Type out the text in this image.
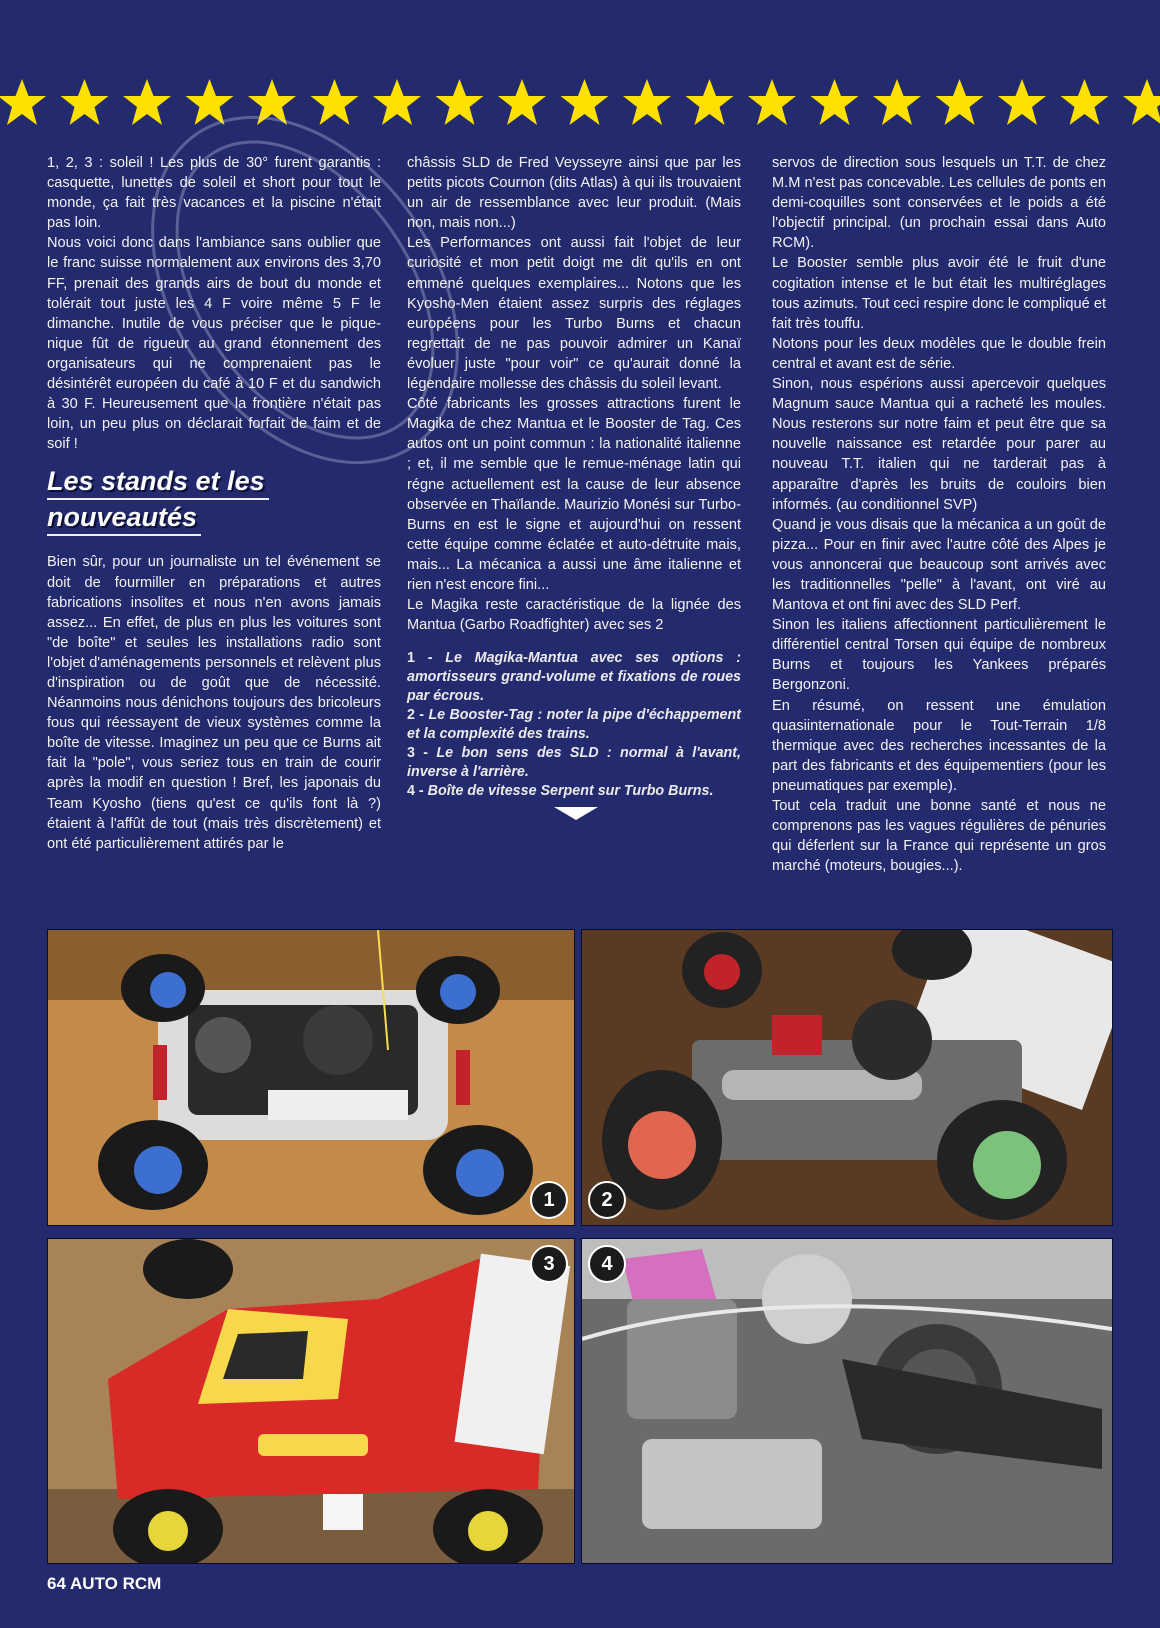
1, 2, 3 : soleil ! Les plus de 30° furent garantis : casquette, lunettes de soleil et short pour tout le monde, ça fait très vacances et la piscine n'était pas loin.

Nous voici donc dans l'ambiance sans oublier que le franc suisse normalement aux environs des 3,70 FF, prenait des grands airs de bout du monde et tolérait tout juste les 4 F voire même 5 F le dimanche. Inutile de vous préciser que le pique-nique fût de rigueur au grand étonnement des organisateurs qui ne comprenaient pas le désintérêt européen du café à 10 F et du sandwich à 30 F. Heureusement que la frontière n'était pas loin, un peu plus on déclarait forfait de faim et de soif !

Les stands et les
nouveautés

Bien sûr, pour un journaliste un tel événement se doit de fourmiller en préparations et autres fabrications insolites et nous n'en avons jamais assez... En effet, de plus en plus les voitures sont "de boîte" et seules les installations radio sont l'objet d'aménagements personnels et relèvent plus d'inspiration ou de goût que de nécessité. Néanmoins nous dénichons toujours des bricoleurs fous qui réessayent de vieux systèmes comme la boîte de vitesse. Imaginez un peu que ce Burns ait fait la "pole", vous seriez tous en train de courir après la modif en question ! Bref, les japonais du Team Kyosho (tiens qu'est ce qu'ils font là ?) étaient à l'affût de tout (mais très discrètement) et ont été particulièrement attirés par le

châssis SLD de Fred Veysseyre ainsi que par les petits picots Cournon (dits Atlas) à qui ils trouvaient un air de ressemblance avec leur produit. (Mais non, mais non...)

Les Performances ont aussi fait l'objet de leur curiosité et mon petit doigt me dit qu'ils en ont emmené quelques exemplaires... Notons que les Kyosho-Men étaient assez surpris des réglages européens pour les Turbo Burns et chacun regrettait de ne pas pouvoir admirer un Kanaï évoluer juste "pour voir" ce qu'aurait donné la légendaire mollesse des châssis du soleil levant.

Côté fabricants les grosses attractions furent le Magika de chez Mantua et le Booster de Tag. Ces autos ont un point commun : la nationalité italienne ; et, il me semble que le remue-ménage latin qui régne actuellement est la cause de leur absence observée en Thaïlande. Maurizio Monési sur Turbo-Burns en est le signe et aujourd'hui on ressent cette équipe comme éclatée et auto-détruite mais, mais... La mécanica a aussi une âme italienne et rien n'est encore fini...

Le Magika reste caractéristique de la lignée des Mantua (Garbo Roadfighter) avec ses 2

1 - Le Magika-Mantua avec ses options : amortisseurs grand-volume et fixations de roues par écrous.
2 - Le Booster-Tag : noter la pipe d'échappement et la complexité des trains.
3 - Le bon sens des SLD : normal à l'avant, inverse à l'arrière.
4 - Boîte de vitesse Serpent sur Turbo Burns.

servos de direction sous lesquels un T.T. de chez M.M n'est pas concevable. Les cellules de ponts en demi-coquilles sont conservées et le poids a été l'objectif principal. (un prochain essai dans Auto RCM).

Le Booster semble plus avoir été le fruit d'une cogitation intense et le but était les multiréglages tous azimuts. Tout ceci respire donc le compliqué et fait très touffu.

Notons pour les deux modèles que le double frein central et avant est de série.

Sinon, nous espérions aussi apercevoir quelques Magnum sauce Mantua qui a racheté les moules. Nous resterons sur notre faim et peut être que sa nouvelle naissance est retardée pour parer au nouveau T.T. italien qui ne tarderait pas à apparaître d'après les bruits de couloirs bien informés. (au conditionnel SVP)

Quand je vous disais que la mécanica a un goût de pizza... Pour en finir avec l'autre côté des Alpes je vous annoncerai que beaucoup sont arrivés avec les traditionnelles "pelle" à l'avant, ont viré au Mantova et ont fini avec des SLD Perf.

Sinon les italiens affectionnent particulièrement le différentiel central Torsen qui équipe de nombreux Burns et toujours les Yankees préparés Bergonzoni.

En résumé, on ressent une émulation quasiinternationale pour le Tout-Terrain 1/8 thermique avec des recherches incessantes de la part des fabricants et des équipementiers (pour les pneumatiques par exemple).

Tout cela traduit une bonne santé et nous ne comprenons pas les vagues régulières de pénuries qui déferlent sur la France qui représente un gros marché (moteurs, bougies...).

1	2
3	4
64 AUTO RCM
